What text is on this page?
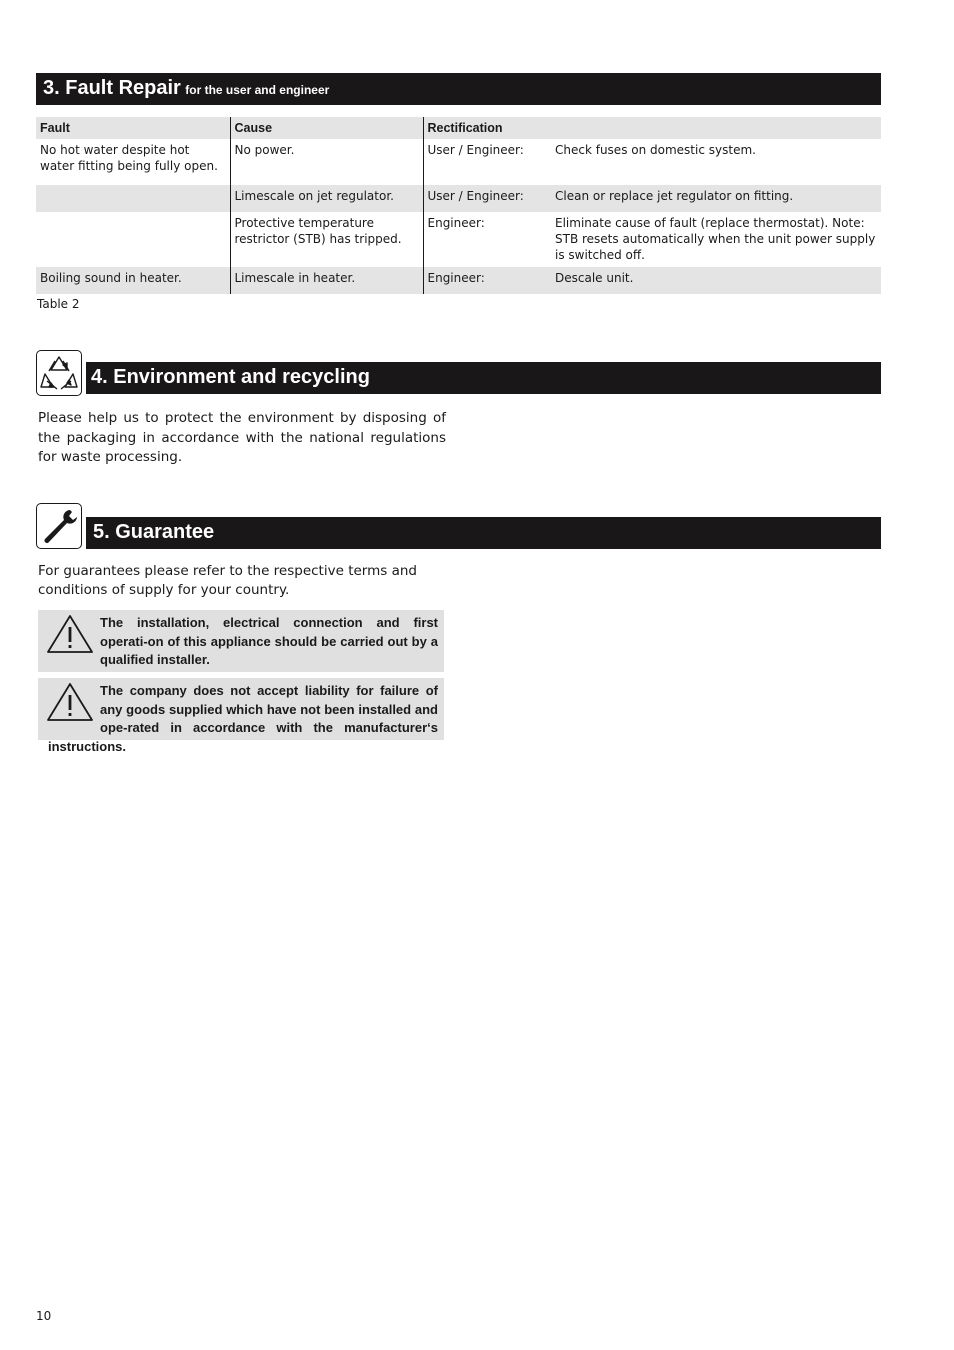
3. Fault Repair for the user and engineer
Fault	Cause	Rectification	
No hot water despite hot water fitting being fully open.	No power.	User / Engineer:	Check fuses on domestic system.
	Limescale on jet regulator.	User / Engineer:	Clean or replace jet regulator on fitting.
	Protective temperature restrictor (STB) has tripped.	Engineer:	Eliminate cause of fault (replace thermostat). Note: STB resets automatically when the unit power supply is switched off.
Boiling sound in heater.	Limescale in heater.	Engineer:	Descale unit.
Table 2
4. Environment and recycling
Please help us to protect the environment by disposing of the packaging in accordance with the national regulations for waste processing.
5. Guarantee
For guarantees please refer to the respective terms and conditions of supply for your country.
The installation, electrical connection and first operati-on of this appliance should be carried out by a qualified installer.
The company does not accept liability for failure of any goods supplied which have not been installed and ope-rated in accordance with the manufacturer‘s instructions.
10
